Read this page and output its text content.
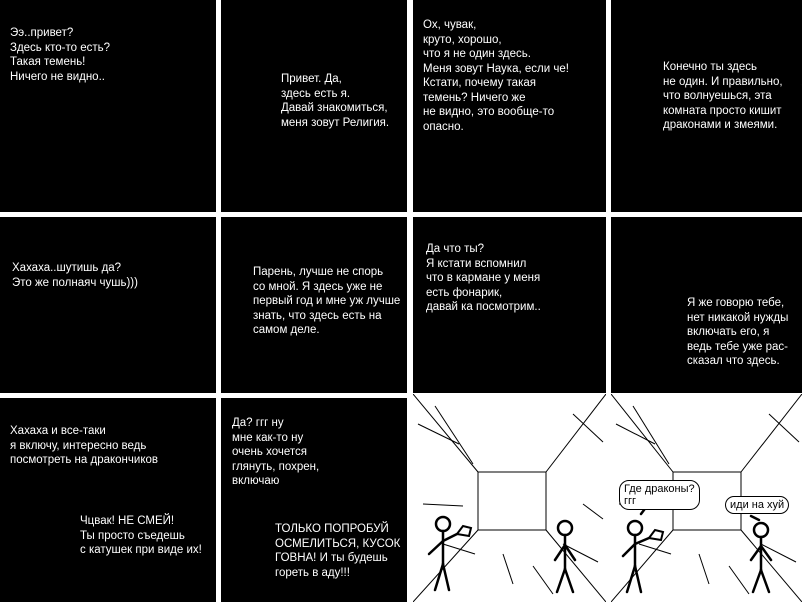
Ээ..привет?
Здесь кто-то есть?
Такая темень!
Ничего не видно..	Привет. Да,
здесь есть я.
Давай знакомиться,
меня зовут Религия.

Ох, чувак,
круто, хорошо,
что я не один здесь.
Меня зовут Наука, если че!
Кстати, почему такая
темень? Ничего же
не видно, это вообще-то
опасно.

Конечно ты здесь
не один. И правильно,
что волнуешься, эта
комната просто кишит
драконами и змеями.

Хахаха..шутишь да?
Это же полнаяч чушь)))

Парень, лучше не спорь
со мной. Я здесь уже не
первый год и мне уж лучше
знать, что здесь есть на
самом деле.

Да что ты?
Я кстати вспомнил
что в кармане у меня
есть фонарик,
давай ка посмотрим..	Я же говорю тебе,
нет никакой нужды
включать его, я
ведь тебе уже рас-
сказал что здесь.

Хахаха и все-таки
я включу, интересно ведь
посмотреть на дракончиков

Чцвак! НЕ СМЕЙ!
Ты просто съедешь
с катушек при виде их!

Да? ггг ну
мне как-то ну
очень хочется
глянуть, похрен,
включаю

ТОЛЬКО ПОПРОБУЙ
ОСМЕЛИТЬСЯ, КУСОК
ГОВНА! И ты будешь
гореть в аду!!!

Где драконы?
ггг	иди на хуй
